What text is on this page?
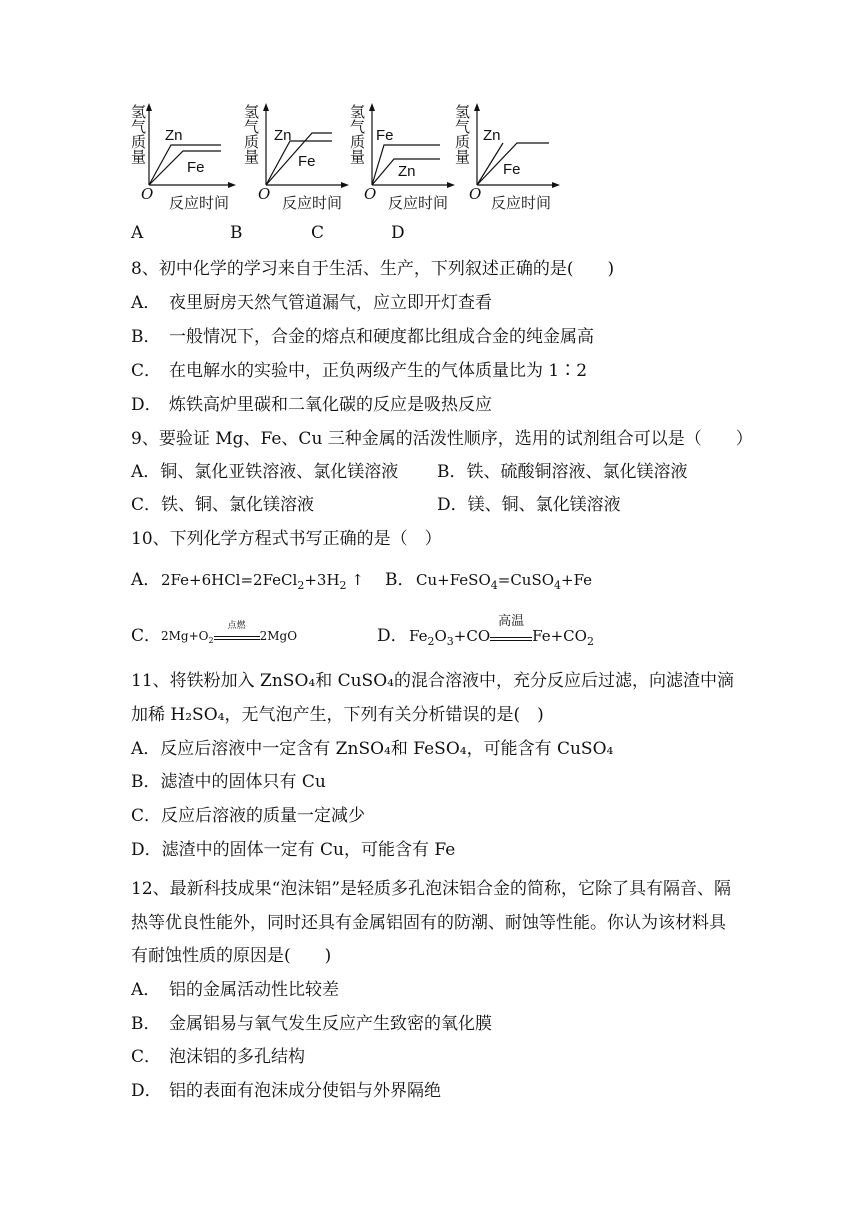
氢
气
质
量
Zn
Fe
O 反应时间
氢
气
质
量
Zn
Fe
O 反应时间
氢
气
质
量
Fe
Zn
O 反应时间
氢
气
质
量
Zn
Fe
O 反应时间
A	B	C	D
8、初中化学的学习来自于生活、生产，下列叙述正确的是(　　)
A． 夜里厨房天然气管道漏气，应立即开灯查看
B． 一般情况下，合金的熔点和硬度都比组成合金的纯金属高
C． 在电解水的实验中，正负两级产生的气体质量比为 1∶2
D． 炼铁高炉里碳和二氧化碳的反应是吸热反应
9、要验证 Mg、Fe、Cu 三种金属的活泼性顺序，选用的试剂组合可以是（　　）
A．铜、氯化亚铁溶液、氯化镁溶液 B．铁、硫酸铜溶液、氯化镁溶液
C．铁、铜、氯化镁溶液	D．镁、铜、氯化镁溶液
10、下列化学方程式书写正确的是（　）
A． $2Fe+6HCl=2FeCl_2+3H_2$ ↑ B． Cu+FeSO$_4$=CuSO$_4$+Fe
C． $2Mg+O_2$
点燃
2MgO	D． $Fe_2O_3+CO$
高温
$Fe+CO_2$
11、将铁粉加入 ZnSO₄和 CuSO₄的混合溶液中，充分反应后过滤，向滤渣中滴
加稀 H₂SO₄，无气泡产生，下列有关分析错误的是(　)
A．反应后溶液中一定含有 ZnSO₄和 FeSO₄，可能含有 CuSO₄
B．滤渣中的固体只有 Cu
C．反应后溶液的质量一定减少
D．滤渣中的固体一定有 Cu，可能含有 Fe
12、最新科技成果“泡沫铝”是轻质多孔泡沫铝合金的简称，它除了具有隔音、隔
热等优良性能外，同时还具有金属铝固有的防潮、耐蚀等性能。你认为该材料具
有耐蚀性质的原因是(　　)
A． 铝的金属活动性比较差
B． 金属铝易与氧气发生反应产生致密的氧化膜
C． 泡沫铝的多孔结构
D． 铝的表面有泡沫成分使铝与外界隔绝
